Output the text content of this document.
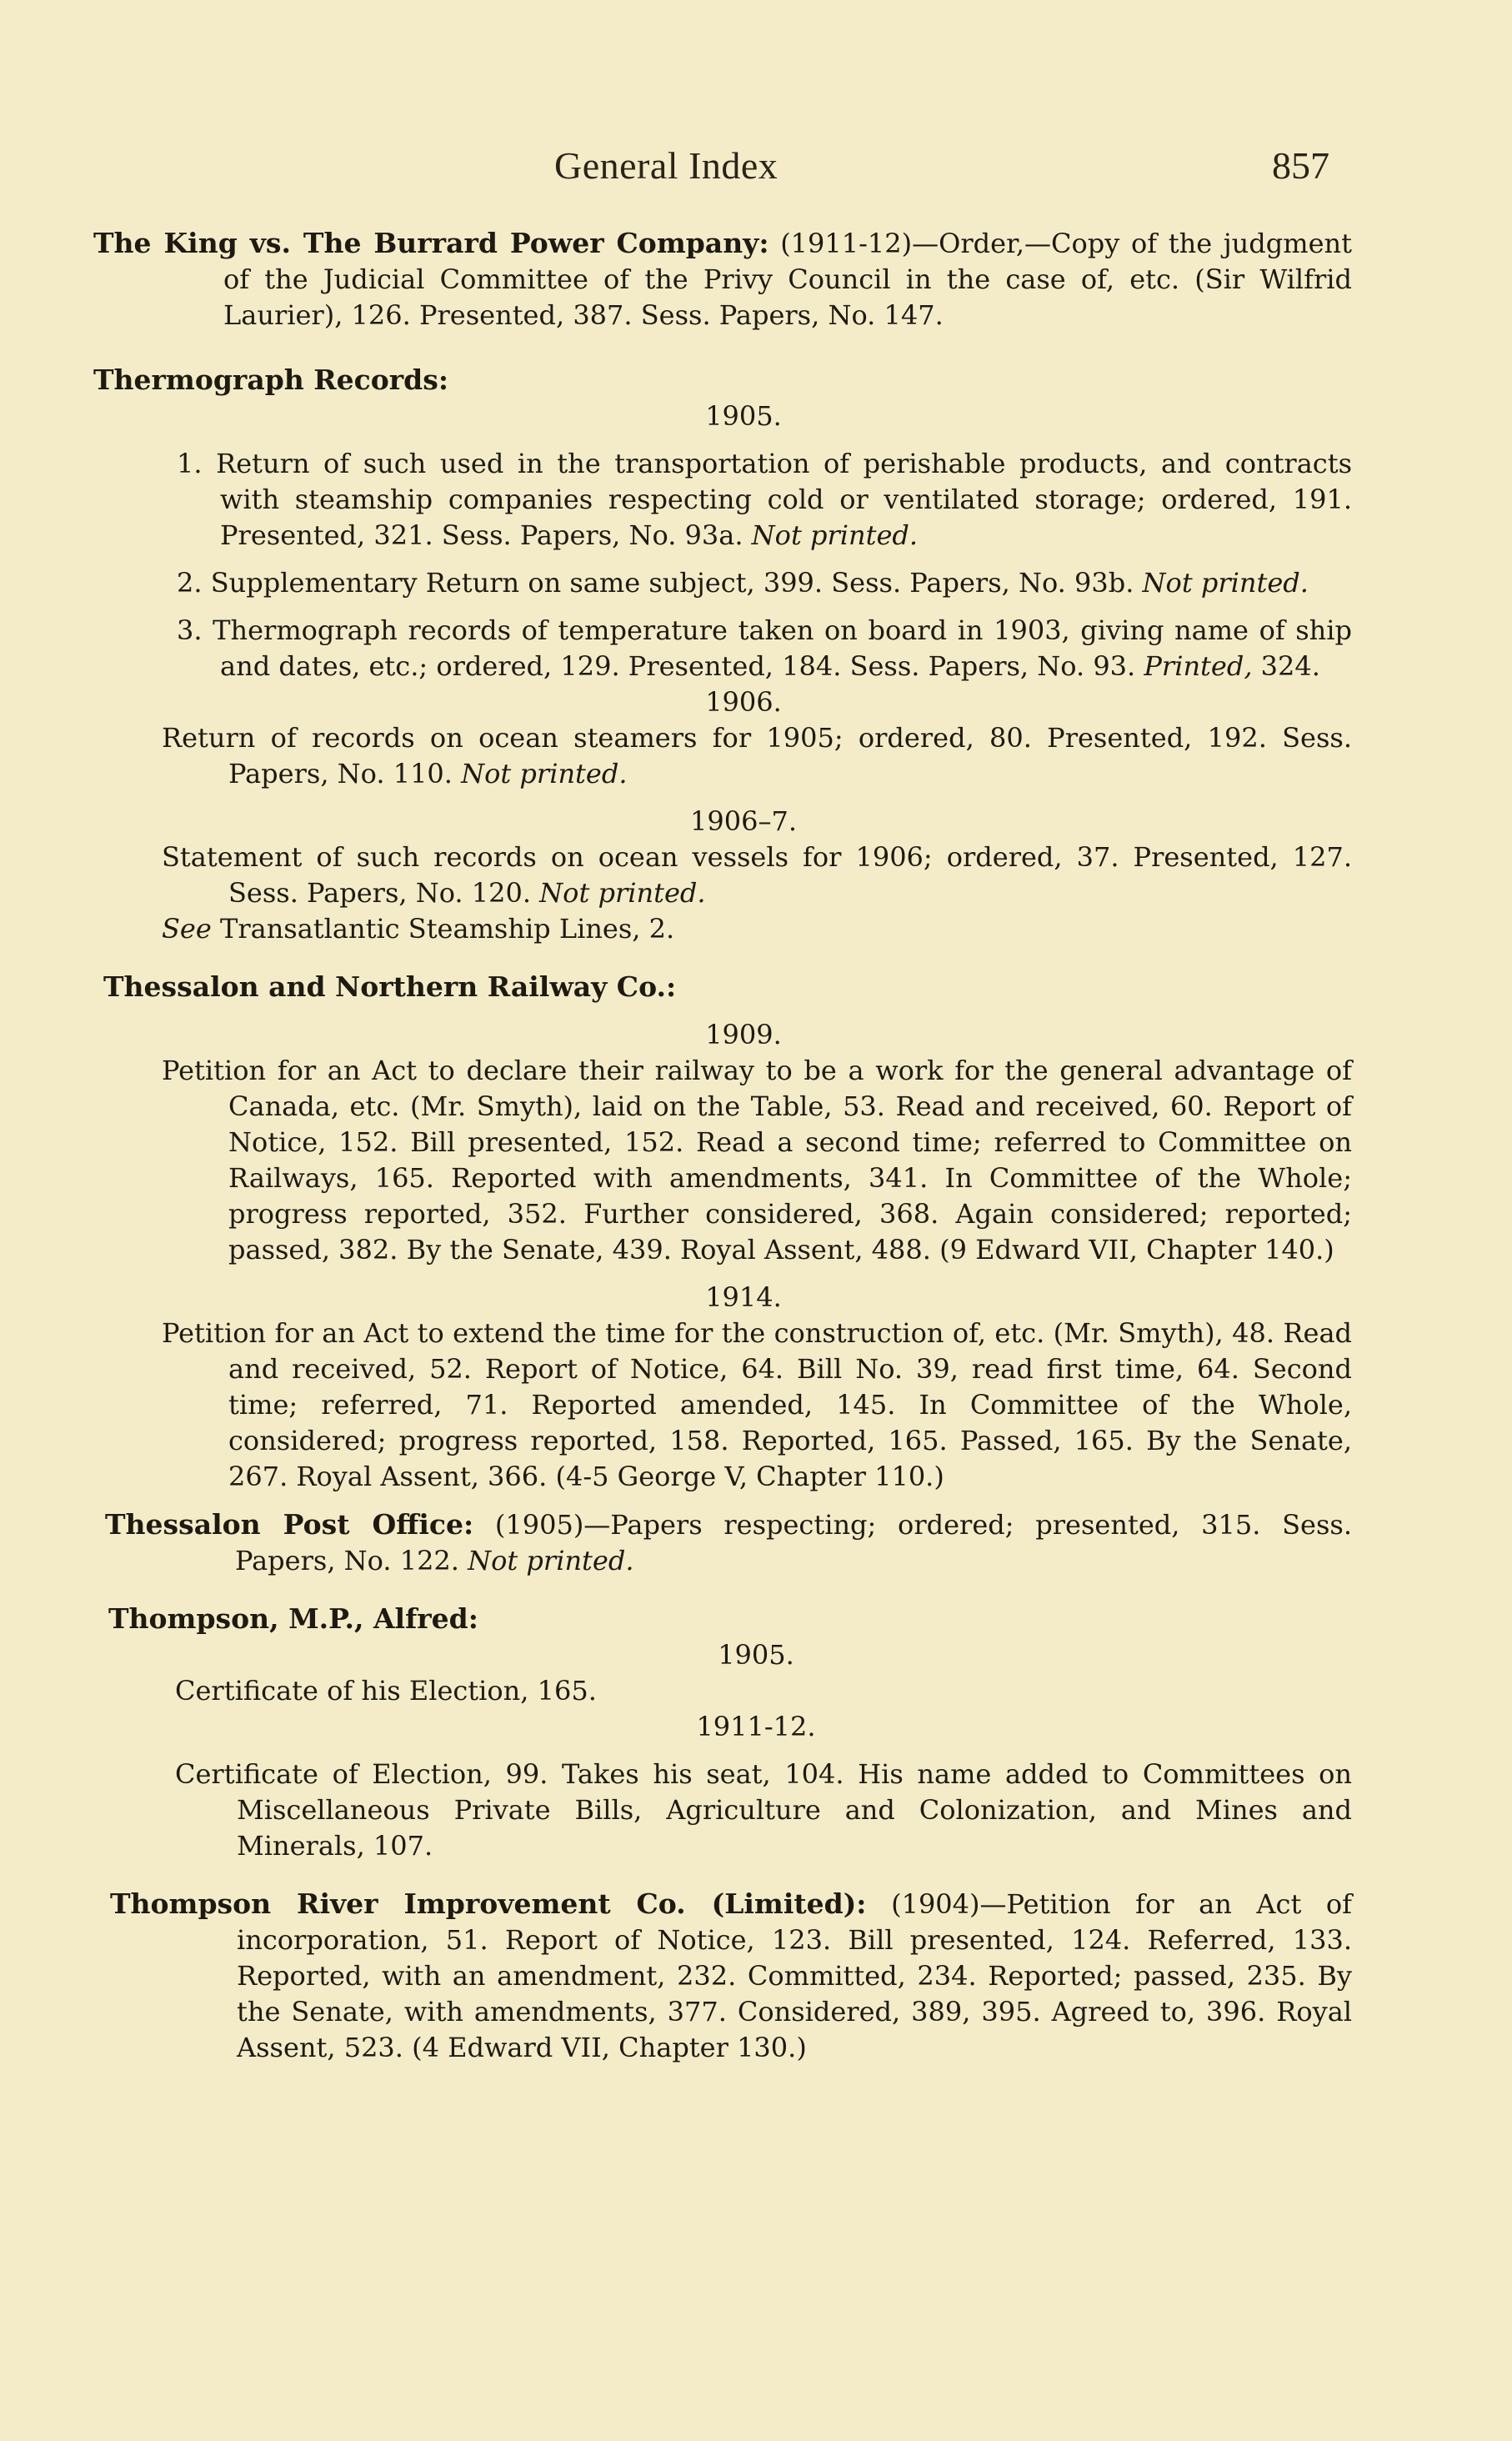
General Index	857

The King vs. The Burrard Power Company: (1911-12)—Order,—Copy of the judgment of the Judicial Committee of the Privy Council in the case of, etc. (Sir Wilfrid Laurier), 126. Presented, 387. Sess. Papers, No. 147.

Thermograph Records:

1905.

1. Return of such used in the transportation of perishable products, and contracts with steamship companies respecting cold or ventilated storage; ordered, 191. Presented, 321. Sess. Papers, No. 93a. Not printed.

2. Supplementary Return on same subject, 399. Sess. Papers, No. 93b. Not printed.

3. Thermograph records of temperature taken on board in 1903, giving name of ship and dates, etc.; ordered, 129. Presented, 184. Sess. Papers, No. 93. Printed, 324.

1906.

Return of records on ocean steamers for 1905; ordered, 80. Presented, 192. Sess. Papers, No. 110. Not printed.

1906–7.

Statement of such records on ocean vessels for 1906; ordered, 37. Presented, 127. Sess. Papers, No. 120. Not printed.

See Transatlantic Steamship Lines, 2.

Thessalon and Northern Railway Co.:

1909.

Petition for an Act to declare their railway to be a work for the general advantage of Canada, etc. (Mr. Smyth), laid on the Table, 53. Read and received, 60. Report of Notice, 152. Bill presented, 152. Read a second time; referred to Committee on Railways, 165. Reported with amendments, 341. In Committee of the Whole; progress reported, 352. Further considered, 368. Again considered; reported; passed, 382. By the Senate, 439. Royal Assent, 488. (9 Edward VII, Chapter 140.)

1914.

Petition for an Act to extend the time for the construction of, etc. (Mr. Smyth), 48. Read and received, 52. Report of Notice, 64. Bill No. 39, read first time, 64. Second time; referred, 71. Reported amended, 145. In Committee of the Whole, considered; progress reported, 158. Reported, 165. Passed, 165. By the Senate, 267. Royal Assent, 366. (4-5 George V, Chapter 110.)

Thessalon Post Office: (1905)—Papers respecting; ordered; presented, 315. Sess. Papers, No. 122. Not printed.

Thompson, M.P., Alfred:

1905.

Certificate of his Election, 165.

1911-12.

Certificate of Election, 99. Takes his seat, 104. His name added to Committees on Miscellaneous Private Bills, Agriculture and Colonization, and Mines and Minerals, 107.

Thompson River Improvement Co. (Limited): (1904)—Petition for an Act of incorporation, 51. Report of Notice, 123. Bill presented, 124. Referred, 133. Reported, with an amendment, 232. Committed, 234. Reported; passed, 235. By the Senate, with amendments, 377. Considered, 389, 395. Agreed to, 396. Royal Assent, 523. (4 Edward VII, Chapter 130.)
